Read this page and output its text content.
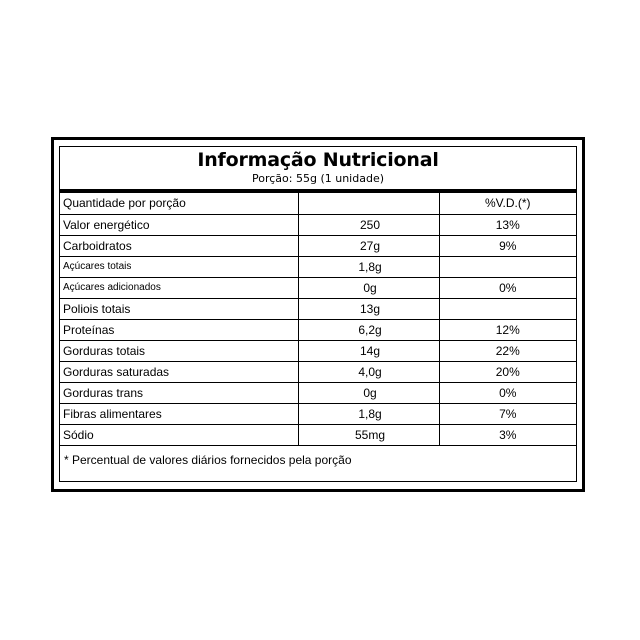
Informação Nutricional
Porção: 55g (1 unidade)
Quantidade por porção		%V.D.(*)
Valor energético	250	13%
Carboidratos	27g	9%
Açúcares totais	1,8g	
Açúcares adicionados	0g	0%
Poliois totais	13g	
Proteínas	6,2g	12%
Gorduras totais	14g	22%
Gorduras saturadas	4,0g	20%
Gorduras trans	0g	0%
Fibras alimentares	1,8g	7%
Sódio	55mg	3%
* Percentual de valores diários fornecidos pela porção
